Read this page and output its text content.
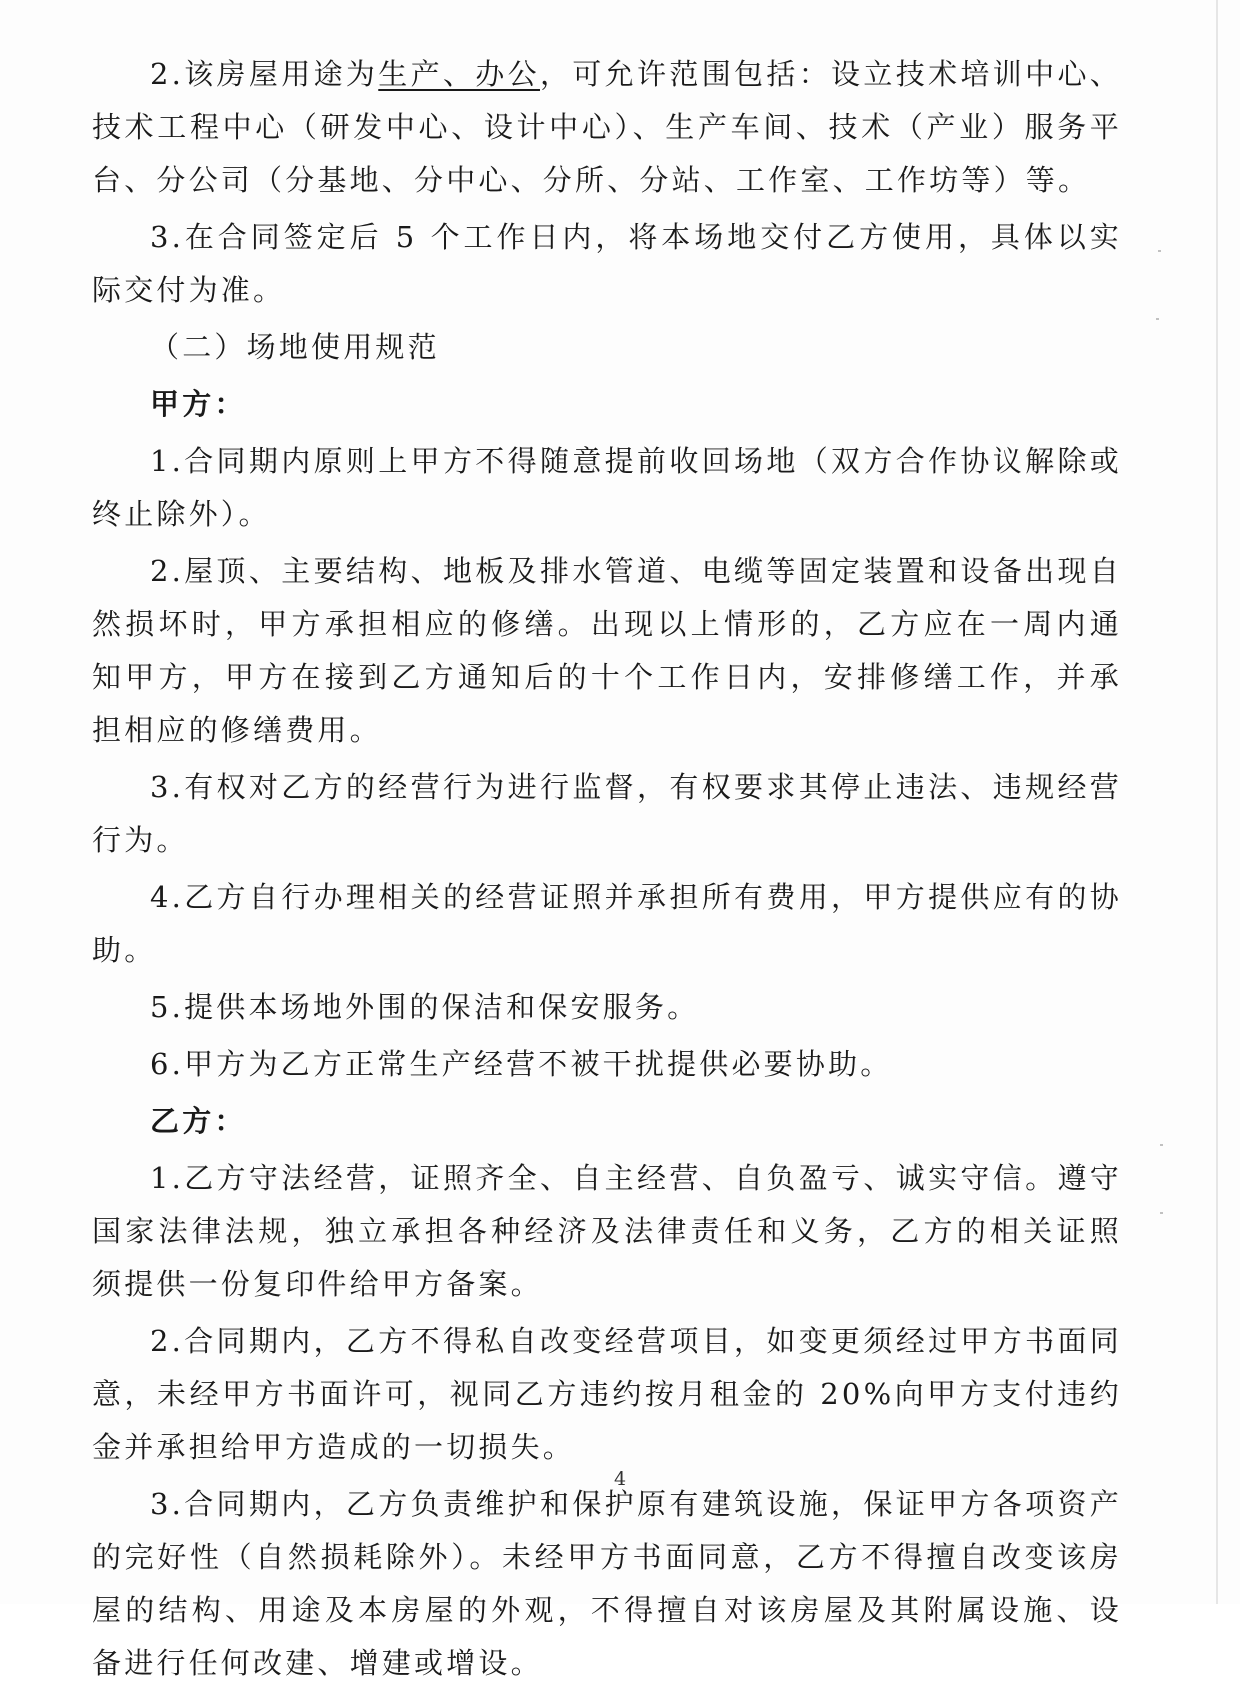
2.该房屋用途为生产、办公，可允许范围包括：设立技术培训中心、技术工程中心（研发中心、设计中心）、生产车间、技术（产业）服务平台、分公司（分基地、分中心、分所、分站、工作室、工作坊等）等。

3.在合同签定后 5 个工作日内，将本场地交付乙方使用，具体以实际交付为准。

（二）场地使用规范

甲方：

1.合同期内原则上甲方不得随意提前收回场地（双方合作协议解除或终止除外）。

2.屋顶、主要结构、地板及排水管道、电缆等固定装置和设备出现自然损坏时，甲方承担相应的修缮。出现以上情形的，乙方应在一周内通知甲方，甲方在接到乙方通知后的十个工作日内，安排修缮工作，并承担相应的修缮费用。

3.有权对乙方的经营行为进行监督，有权要求其停止违法、违规经营行为。

4.乙方自行办理相关的经营证照并承担所有费用，甲方提供应有的协助。

5.提供本场地外围的保洁和保安服务。

6.甲方为乙方正常生产经营不被干扰提供必要协助。

乙方：

1.乙方守法经营，证照齐全、自主经营、自负盈亏、诚实守信。遵守国家法律法规，独立承担各种经济及法律责任和义务，乙方的相关证照须提供一份复印件给甲方备案。

2.合同期内，乙方不得私自改变经营项目，如变更须经过甲方书面同意，未经甲方书面许可，视同乙方违约按月租金的 20%向甲方支付违约金并承担给甲方造成的一切损失。

3.合同期内，乙方负责维护和保护原有建筑设施，保证甲方各项资产的完好性（自然损耗除外）。未经甲方书面同意，乙方不得擅自改变该房屋的结构、用途及本房屋的外观，不得擅自对该房屋及其附属设施、设备进行任何改建、增建或增设。

4
